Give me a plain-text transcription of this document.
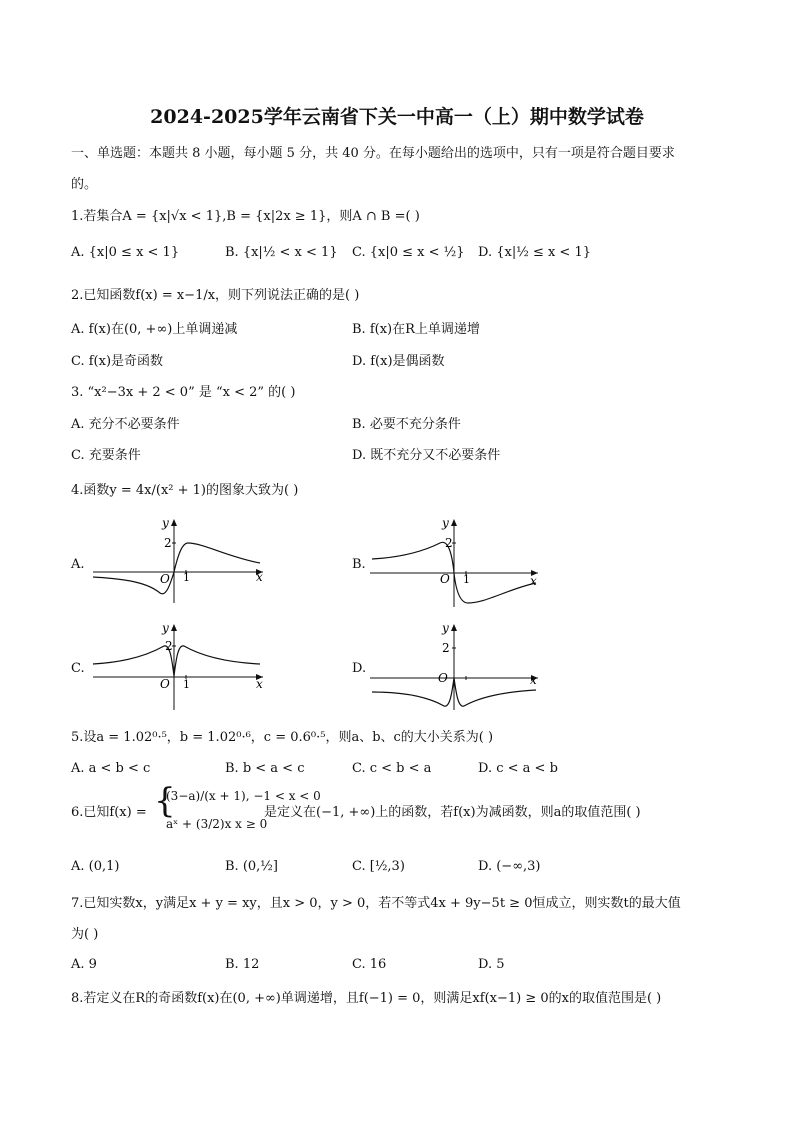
2024-2025学年云南省下关一中高一（上）期中数学试卷
一、单选题：本题共 8 小题，每小题 5 分，共 40 分。在每小题给出的选项中，只有一项是符合题目要求
的。
1.若集合A = {x|√x < 1},B = {x|2x ≥ 1}，则A ∩ B =( )
A. {x|0 ≤ x < 1}	B. {x|½ < x < 1} C. {x|0 ≤ x < ½} D. {x|½ ≤ x < 1}
2.已知函数f(x) = x−1/x，则下列说法正确的是( )
A. f(x)在(0, +∞)上单调递减	B. f(x)在R上单调递增
C. f(x)是奇函数	D. f(x)是偶函数
3. “x²−3x + 2 < 0” 是 “x < 2” 的( )
A. 充分不必要条件	B. 必要不充分条件
C. 充要条件	D. 既不充分又不必要条件
4.函数y = 4x/(x² + 1)的图象大致为( )
A.	B.
C.	D.
y
x
O
2
1
y
x
O
2
1
y
x
O
2
1
y
x
O
2
5.设a = 1.02⁰·⁵，b = 1.02⁰·⁶，c = 0.6⁰·⁵，则a、b、c的大小关系为( )
A. a < b < c	B. b < a < c	C. c < b < a	D. c < a < b
6.已知f(x) = {
(3−a)/(x + 1), −1 < x < 0
aˣ + (3/2)x x ≥ 0
是定义在(−1, +∞)上的函数，若f(x)为减函数，则a的取值范围( )
A. (0,1)	B. (0,½]	C. [½,3)	D. (−∞,3)
7.已知实数x，y满足x + y = xy，且x > 0，y > 0，若不等式4x + 9y−5t ≥ 0恒成立，则实数t的最大值
为( )
A. 9	B. 12	C. 16	D. 5
8.若定义在R的奇函数f(x)在(0, +∞)单调递增，且f(−1) = 0，则满足xf(x−1) ≥ 0的x的取值范围是( )
